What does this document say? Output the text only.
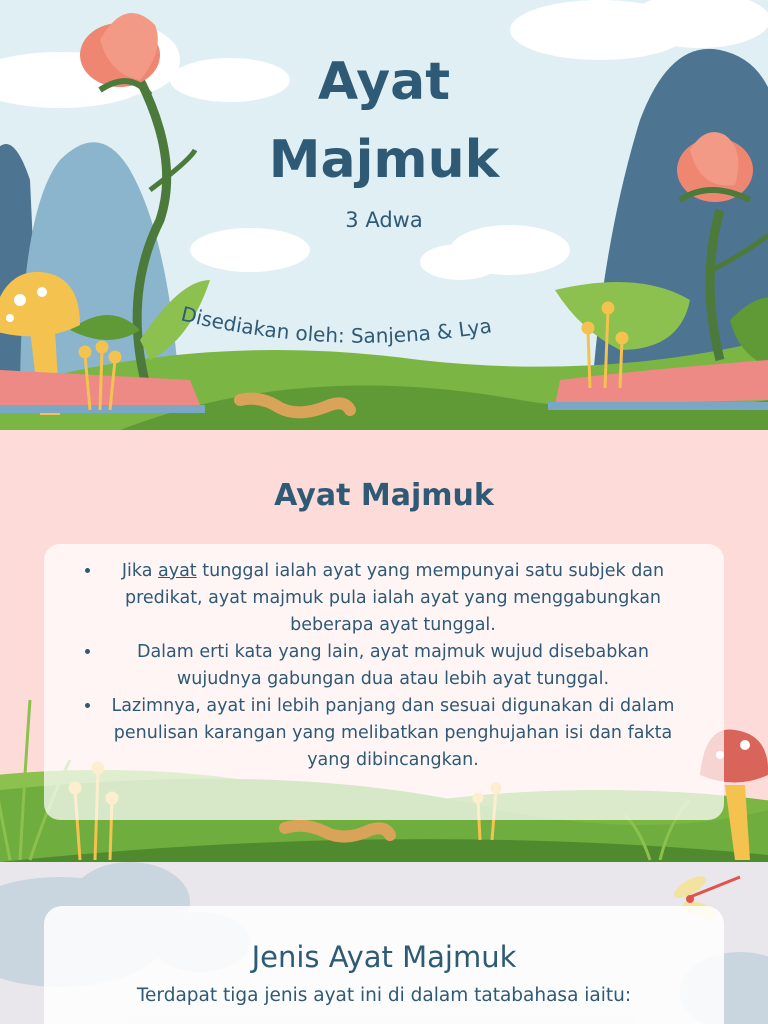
Ayat
Majmuk
3 Adwa
Disediakan oleh: Sanjena & Lya
Ayat Majmuk
• Jika ayat tunggal ialah ayat yang mempunyai satu subjek dan predikat, ayat majmuk pula ialah ayat yang menggabungkan beberapa ayat tunggal.
• Dalam erti kata yang lain, ayat majmuk wujud disebabkan wujudnya gabungan dua atau lebih ayat tunggal.
• Lazimnya, ayat ini lebih panjang dan sesuai digunakan di dalam penulisan karangan yang melibatkan penghujahan isi dan fakta yang dibincangkan.
Jenis Ayat Majmuk
Terdapat tiga jenis ayat ini di dalam tatabahasa iaitu:
